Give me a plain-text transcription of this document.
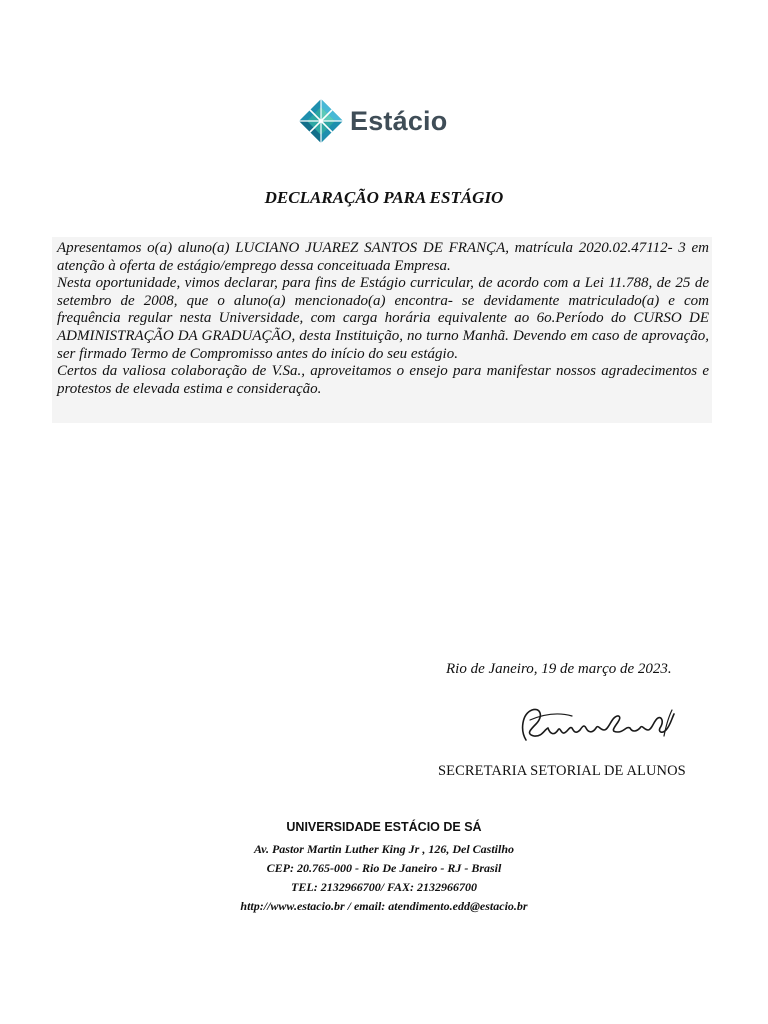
Estácio
DECLARAÇÃO PARA ESTÁGIO

Apresentamos o(a) aluno(a) LUCIANO JUAREZ SANTOS DE FRANÇA, matrícula 2020.02.47112- 3 em atenção à oferta de estágio/emprego dessa conceituada Empresa.

Nesta oportunidade, vimos declarar, para fins de Estágio curricular, de acordo com a Lei 11.788, de 25 de setembro de 2008, que o aluno(a) mencionado(a) encontra- se devidamente matriculado(a) e com frequência regular nesta Universidade, com carga horária equivalente ao 6o.Período do CURSO DE ADMINISTRAÇÃO DA GRADUAÇÃO, desta Instituição, no turno Manhã. Devendo em caso de aprovação, ser firmado Termo de Compromisso antes do início do seu estágio.

Certos da valiosa colaboração de V.Sa., aproveitamos o ensejo para manifestar nossos agradecimentos e protestos de elevada estima e consideração.

Rio de Janeiro, 19 de março de 2023.
SECRETARIA SETORIAL DE ALUNOS
UNIVERSIDADE ESTÁCIO DE SÁ
Av. Pastor Martin Luther King Jr , 126, Del Castilho
CEP: 20.765-000 - Rio De Janeiro - RJ - Brasil
TEL: 2132966700/ FAX: 2132966700
http://www.estacio.br / email: atendimento.edd@estacio.br
